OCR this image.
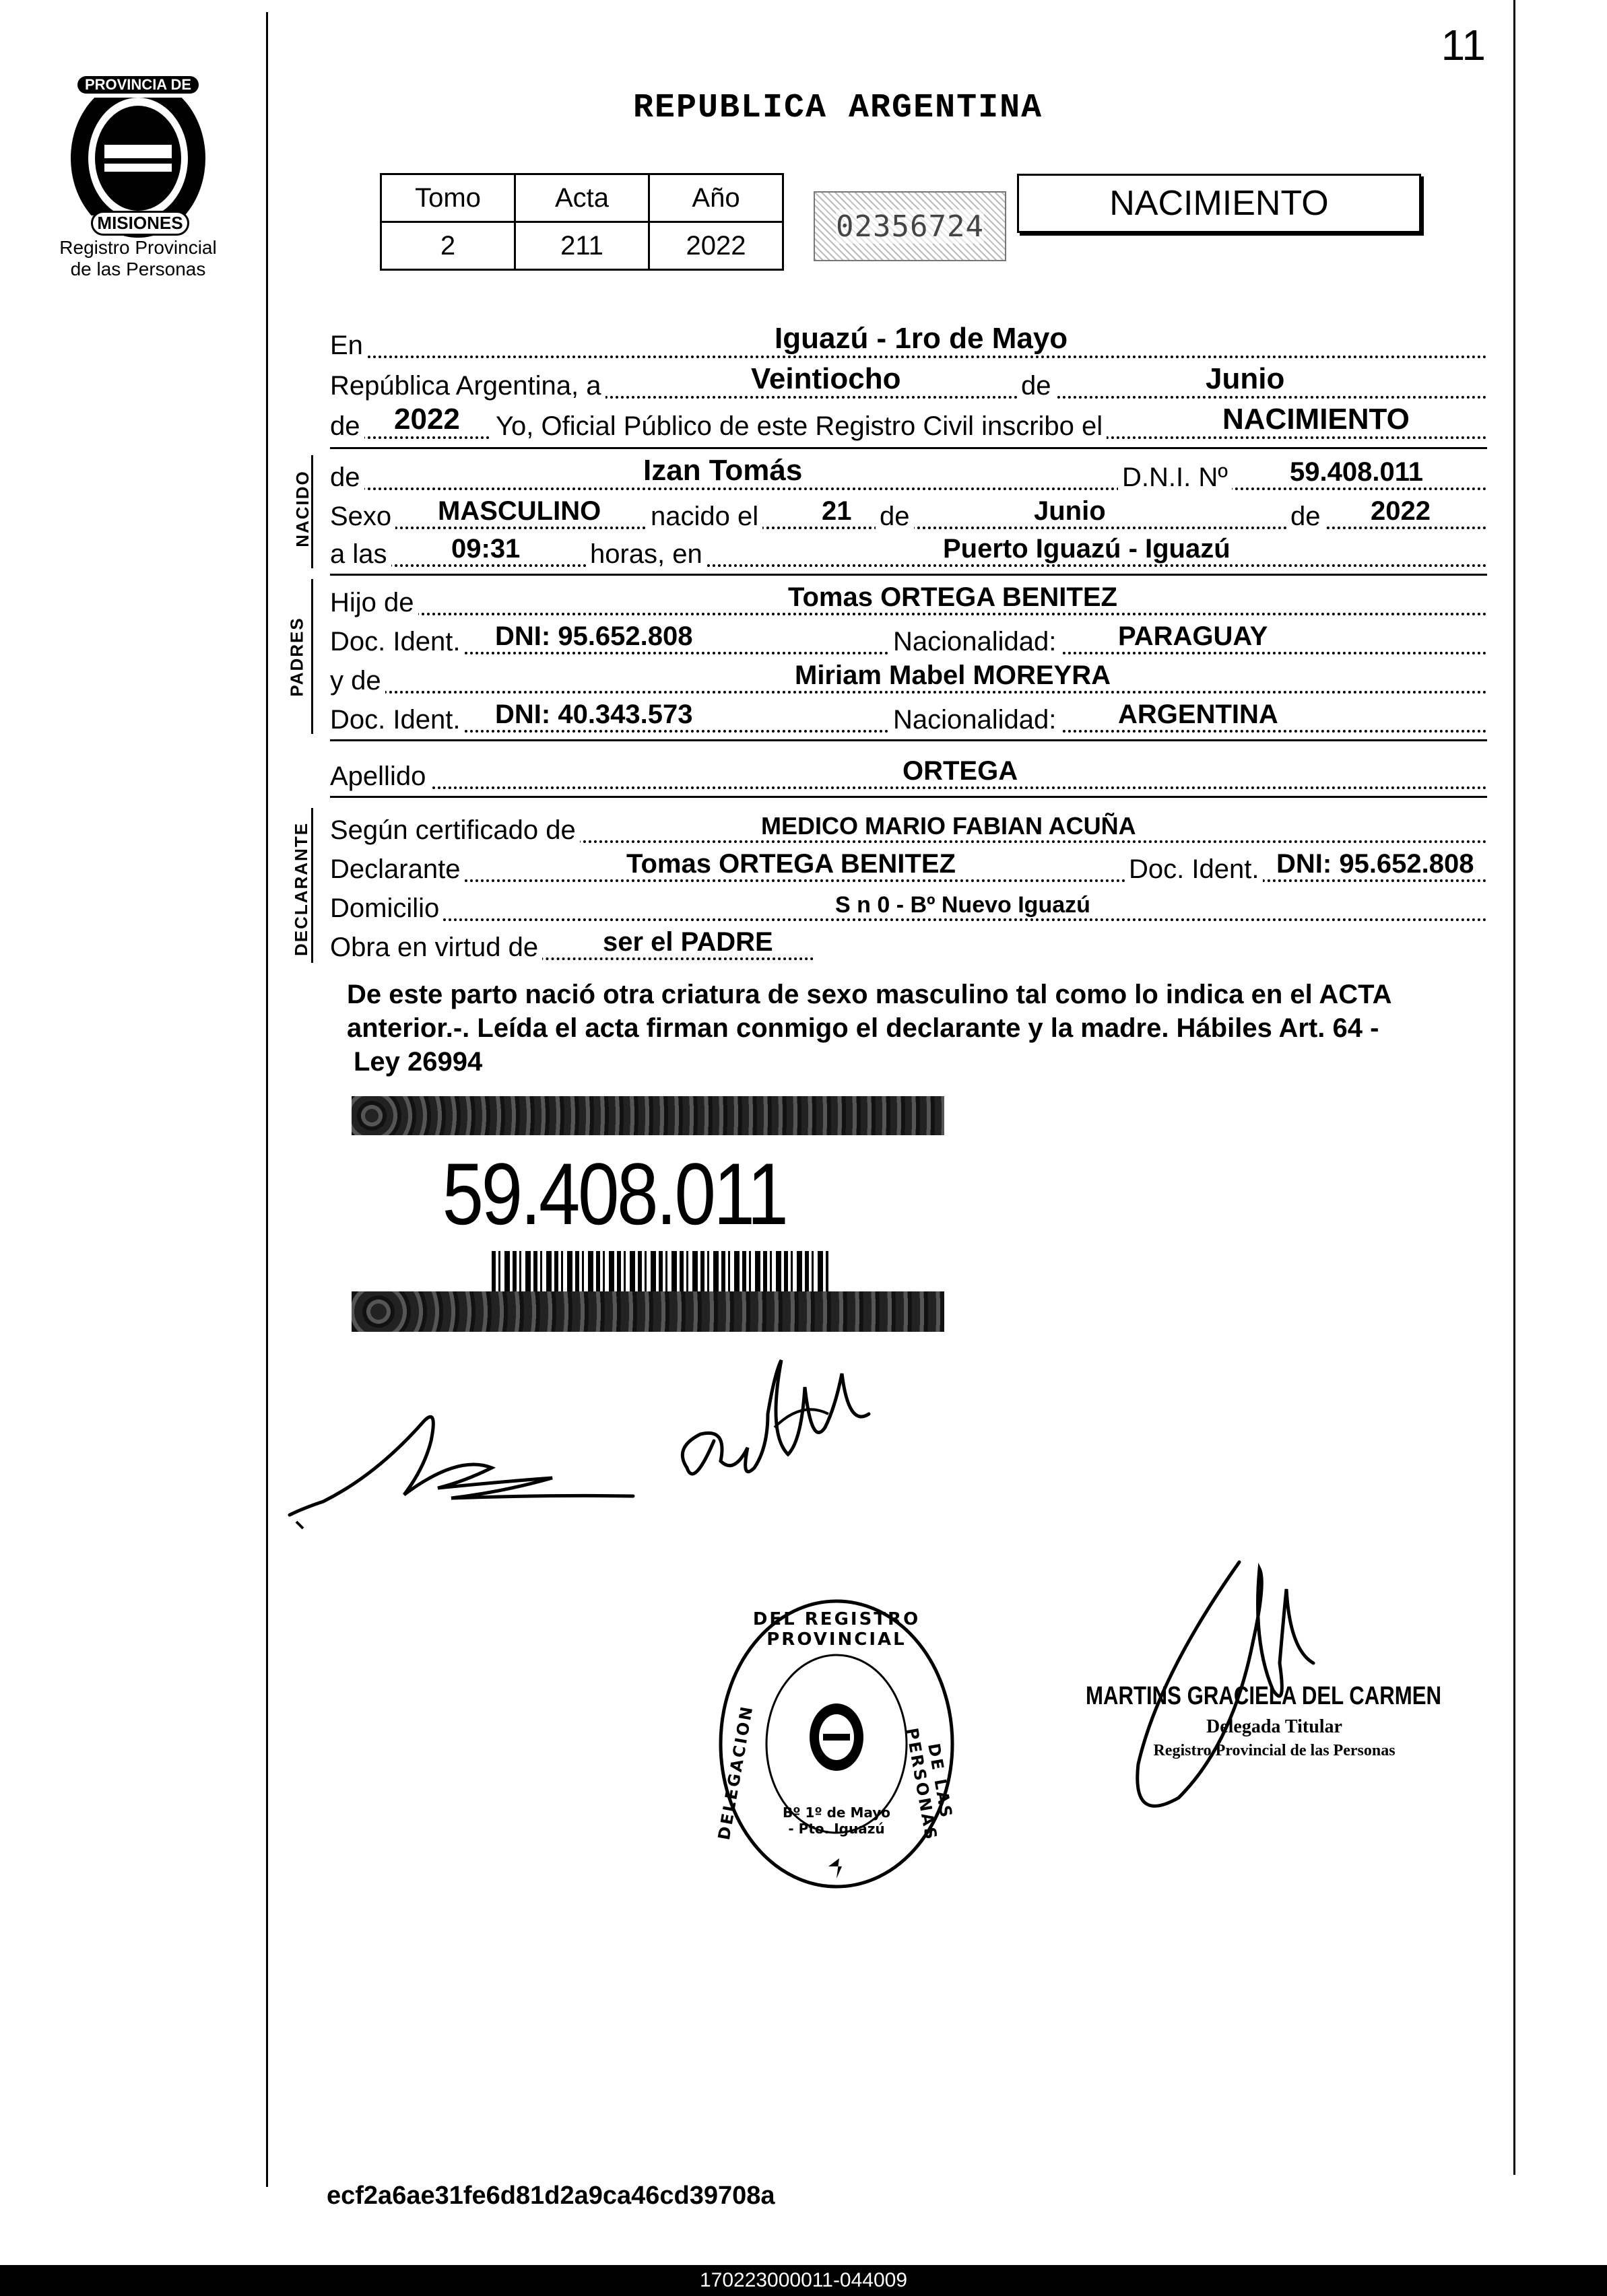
11
PROVINCIA DE
MISIONES
Registro Provincial
de las Personas
REPUBLICA ARGENTINA
Tomo	Acta	Año
2	211	2022
02356724
NACIMIENTO
En	Iguazú - 1ro de Mayo
República Argentina, a	Veintiocho	de	Junio
de 2022 Yo, Oficial Público de este Registro Civil inscribo el	NACIMIENTO
NACIDO de	Izan Tomás	D.N.I. Nº 59.408.011
Sexo MASCULINO nacido el 21 de	Junio	de 2022
a las 09:31	horas, en	Puerto Iguazú - Iguazú
PADRES
Hijo de	Tomas ORTEGA BENITEZ
Doc. Ident. DNI: 95.652.808	Nacionalidad: PARAGUAY
y de	Miriam Mabel MOREYRA
Doc. Ident. DNI: 40.343.573	Nacionalidad: ARGENTINA
Apellido	ORTEGA
DECLARANTE Según certificado de	MEDICO MARIO FABIAN ACUÑA
Declarante	Tomas ORTEGA BENITEZ	Doc. Ident. DNI: 95.652.808
Domicilio	S n 0 - Bº Nuevo Iguazú
Obra en virtud de ser el PADRE
De este parto nació otra criatura de sexo masculino tal como lo indica en el ACTA
anterior.-. Leída el acta firman conmigo el declarante y la madre. Hábiles Art. 64 -
Ley 26994
59.408.011
DEL REGISTRO PROVINCIAL
DELEGACION	DE LAS PERSONAS
Bº 1º de Mayo - Pto. Iguazú
MARTINS GRACIELA DEL CARMEN
Delegada Titular
Registro Provincial de las Personas
ecf2a6ae31fe6d81d2a9ca46cd39708a
170223000011-044009
